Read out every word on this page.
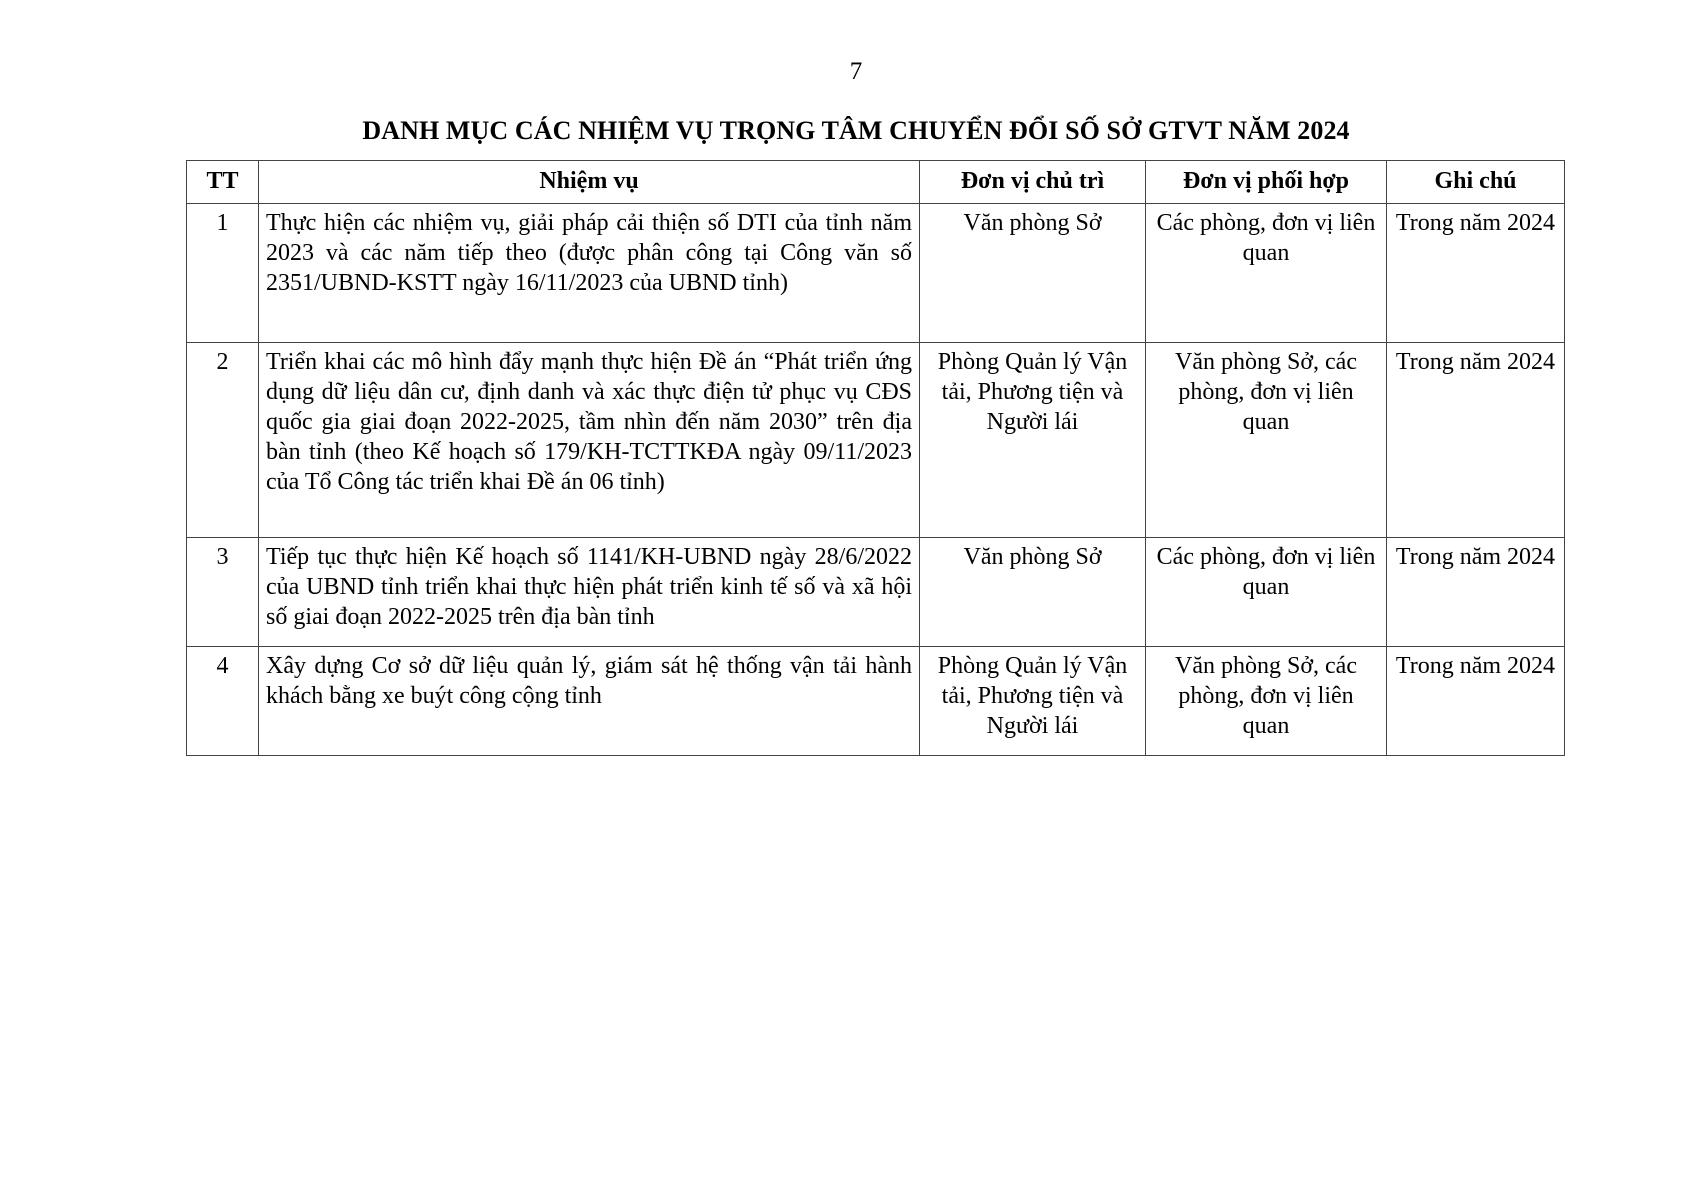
7
DANH MỤC CÁC NHIỆM VỤ TRỌNG TÂM CHUYỂN ĐỔI SỐ SỞ GTVT NĂM 2024
TT	Nhiệm vụ	Đơn vị chủ trì	Đơn vị phối hợp	Ghi chú
1	Thực hiện các nhiệm vụ, giải pháp cải thiện số DTI của tỉnh năm 2023 và các năm tiếp theo (được phân công tại Công văn số 2351/UBND-KSTT ngày 16/11/2023 của UBND tỉnh)	Văn phòng Sở	Các phòng, đơn vị liên quan	Trong năm 2024
2	Triển khai các mô hình đẩy mạnh thực hiện Đề án “Phát triển ứng dụng dữ liệu dân cư, định danh và xác thực điện tử phục vụ CĐS quốc gia giai đoạn 2022-2025, tầm nhìn đến năm 2030” trên địa bàn tỉnh (theo Kế hoạch số 179/KH-TCTTKĐA ngày 09/11/2023 của Tổ Công tác triển khai Đề án 06 tỉnh)	Phòng Quản lý Vận tải, Phương tiện và Người lái	Văn phòng Sở, các phòng, đơn vị liên quan	Trong năm 2024
3	Tiếp tục thực hiện Kế hoạch số 1141/KH-UBND ngày 28/6/2022 của UBND tỉnh triển khai thực hiện phát triển kinh tế số và xã hội số giai đoạn 2022-2025 trên địa bàn tỉnh	Văn phòng Sở	Các phòng, đơn vị liên quan	Trong năm 2024
4	Xây dựng Cơ sở dữ liệu quản lý, giám sát hệ thống vận tải hành khách bằng xe buýt công cộng tỉnh	Phòng Quản lý Vận tải, Phương tiện và Người lái	Văn phòng Sở, các phòng, đơn vị liên quan	Trong năm 2024
